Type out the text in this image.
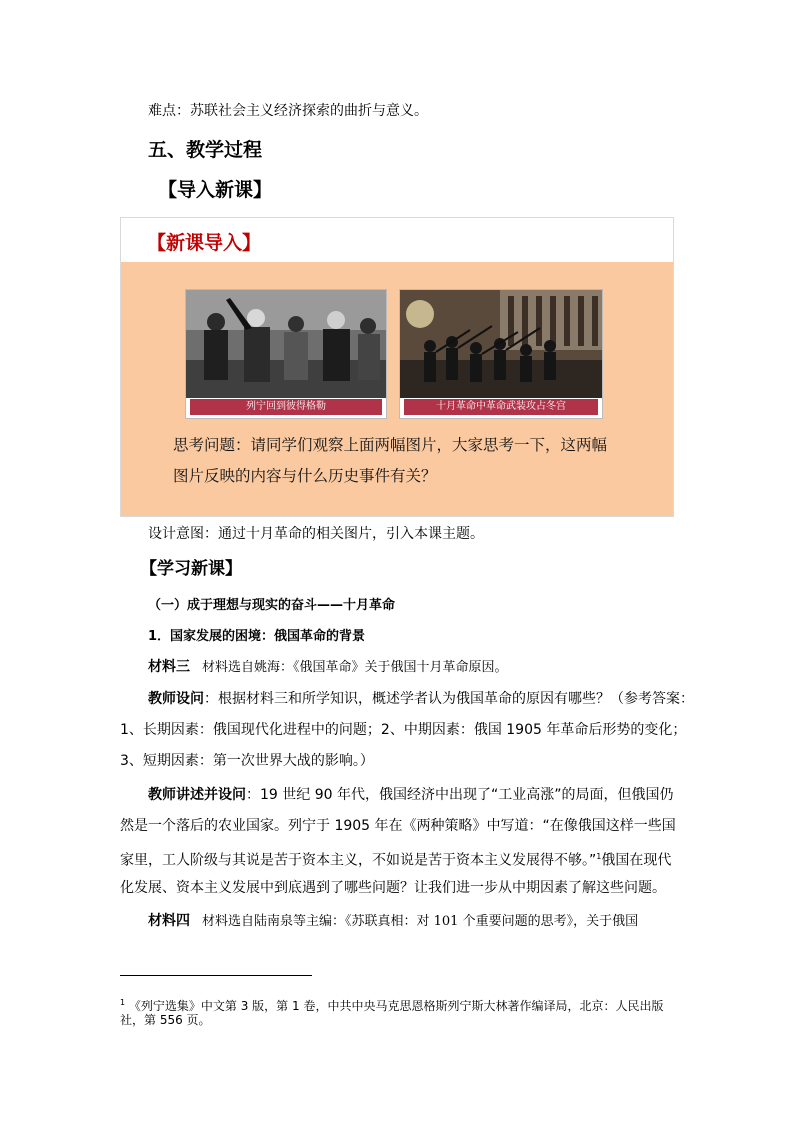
难点：苏联社会主义经济探索的曲折与意义。
五、教学过程
【导入新课】
【新课导入】
列宁回到彼得格勒	十月革命中革命武装攻占冬宫
思考问题：请同学们观察上面两幅图片，大家思考一下，这两幅
图片反映的内容与什么历史事件有关？
设计意图：通过十月革命的相关图片，引入本课主题。
【学习新课】
（一）成于理想与现实的奋斗——十月革命
1．国家发展的困境：俄国革命的背景
材料三 材料选自姚海：《俄国革命》关于俄国十月革命原因。
教师设问：根据材料三和所学知识，概述学者认为俄国革命的原因有哪些？（参考答案：
1、长期因素：俄国现代化进程中的问题；2、中期因素：俄国 1905 年革命后形势的变化；
3、短期因素：第一次世界大战的影响。）
教师讲述并设问：19 世纪 90 年代，俄国经济中出现了“工业高涨”的局面，但俄国仍
然是一个落后的农业国家。列宁于 1905 年在《两种策略》中写道：“在像俄国这样一些国
家里，工人阶级与其说是苦于资本主义，不如说是苦于资本主义发展得不够。”$^1$俄国在现代
化发展、资本主义发展中到底遇到了哪些问题？让我们进一步从中期因素了解这些问题。
材料四 材料选自陆南泉等主编：《苏联真相：对 101 个重要问题的思考》，关于俄国
$^1$ 《列宁选集》中文第 3 版，第 1 卷，中共中央马克思恩格斯列宁斯大林著作编译局，北京：人民出版
社，第 556 页。
